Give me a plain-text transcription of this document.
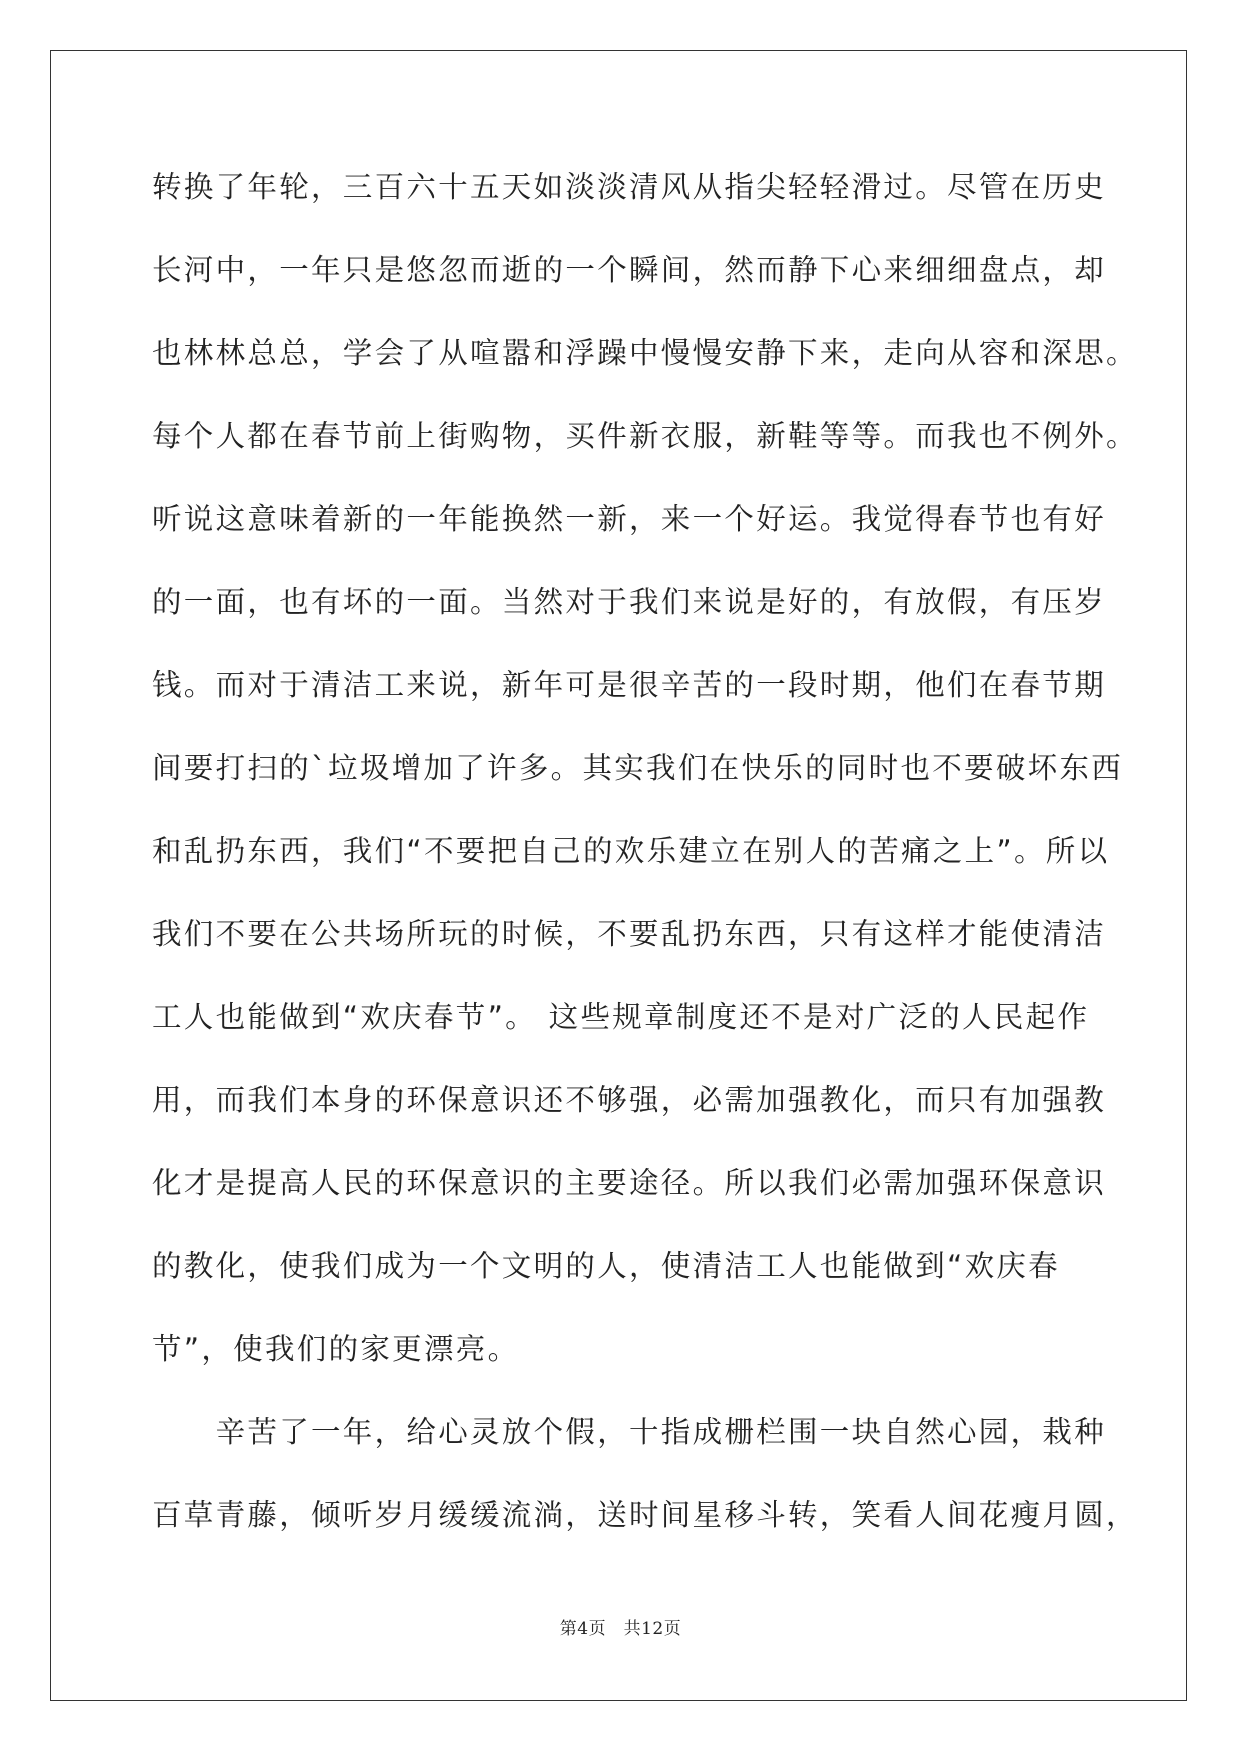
转换了年轮，三百六十五天如淡淡清风从指尖轻轻滑过。尽管在历史
长河中，一年只是悠忽而逝的一个瞬间，然而静下心来细细盘点，却
也林林总总，学会了从喧嚣和浮躁中慢慢安静下来，走向从容和深思。
每个人都在春节前上街购物，买件新衣服，新鞋等等。而我也不例外。
听说这意味着新的一年能换然一新，来一个好运。我觉得春节也有好
的一面，也有坏的一面。当然对于我们来说是好的，有放假，有压岁
钱。而对于清洁工来说，新年可是很辛苦的一段时期，他们在春节期
间要打扫的`垃圾增加了许多。其实我们在快乐的同时也不要破坏东西
和乱扔东西，我们“不要把自己的欢乐建立在别人的苦痛之上”。所以
我们不要在公共场所玩的时候，不要乱扔东西，只有这样才能使清洁
工人也能做到“欢庆春节”。 这些规章制度还不是对广泛的人民起作
用，而我们本身的环保意识还不够强，必需加强教化，而只有加强教
化才是提高人民的环保意识的主要途径。所以我们必需加强环保意识
的教化，使我们成为一个文明的人，使清洁工人也能做到“欢庆春
节”，使我们的家更漂亮。
　　辛苦了一年，给心灵放个假，十指成栅栏围一块自然心园，栽种
百草青藤，倾听岁月缓缓流淌，送时间星移斗转，笑看人间花瘦月圆，
第4页　共12页
